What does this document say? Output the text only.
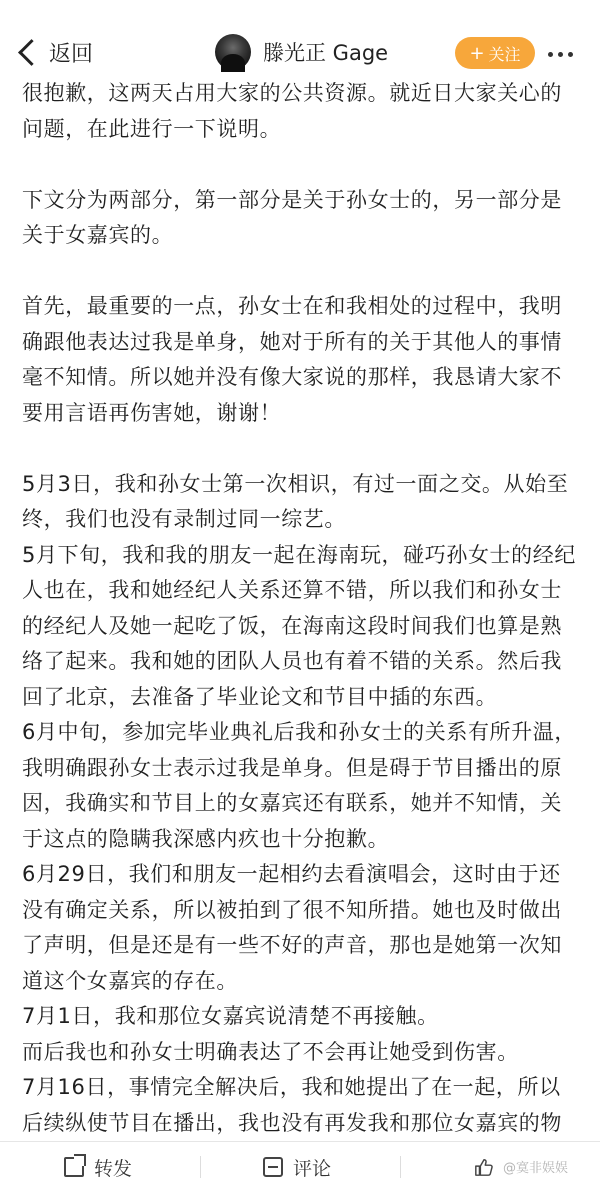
返回	滕光正 Gage	+ 关注

很抱歉，这两天占用大家的公共资源。就近日大家关心的问题，在此进行一下说明。

下文分为两部分，第一部分是关于孙女士的，另一部分是关于女嘉宾的。

首先，最重要的一点，孙女士在和我相处的过程中，我明确跟他表达过我是单身，她对于所有的关于其他人的事情毫不知情。所以她并没有像大家说的那样，我恳请大家不要用言语再伤害她，谢谢！

5月3日，我和孙女士第一次相识，有过一面之交。从始至终，我们也没有录制过同一综艺。

5月下旬，我和我的朋友一起在海南玩，碰巧孙女士的经纪人也在，我和她经纪人关系还算不错，所以我们和孙女士的经纪人及她一起吃了饭，在海南这段时间我们也算是熟络了起来。我和她的团队人员也有着不错的关系。然后我回了北京，去准备了毕业论文和节目中插的东西。

6月中旬，参加完毕业典礼后我和孙女士的关系有所升温，我明确跟孙女士表示过我是单身。但是碍于节目播出的原因，我确实和节目上的女嘉宾还有联系，她并不知情，关于这点的隐瞒我深感内疚也十分抱歉。

6月29日，我们和朋友一起相约去看演唱会，这时由于还没有确定关系，所以被拍到了很不知所措。她也及时做出了声明，但是还是有一些不好的声音，那也是她第一次知道这个女嘉宾的存在。

7月1日，我和那位女嘉宾说清楚不再接触。

而后我也和孙女士明确表达了不会再让她受到伤害。

7月16日，事情完全解决后，我和她提出了在一起，所以后续纵使节目在播出，我也没有再发我和那位女嘉宾的物

转发	评论	@寞非娱娱
